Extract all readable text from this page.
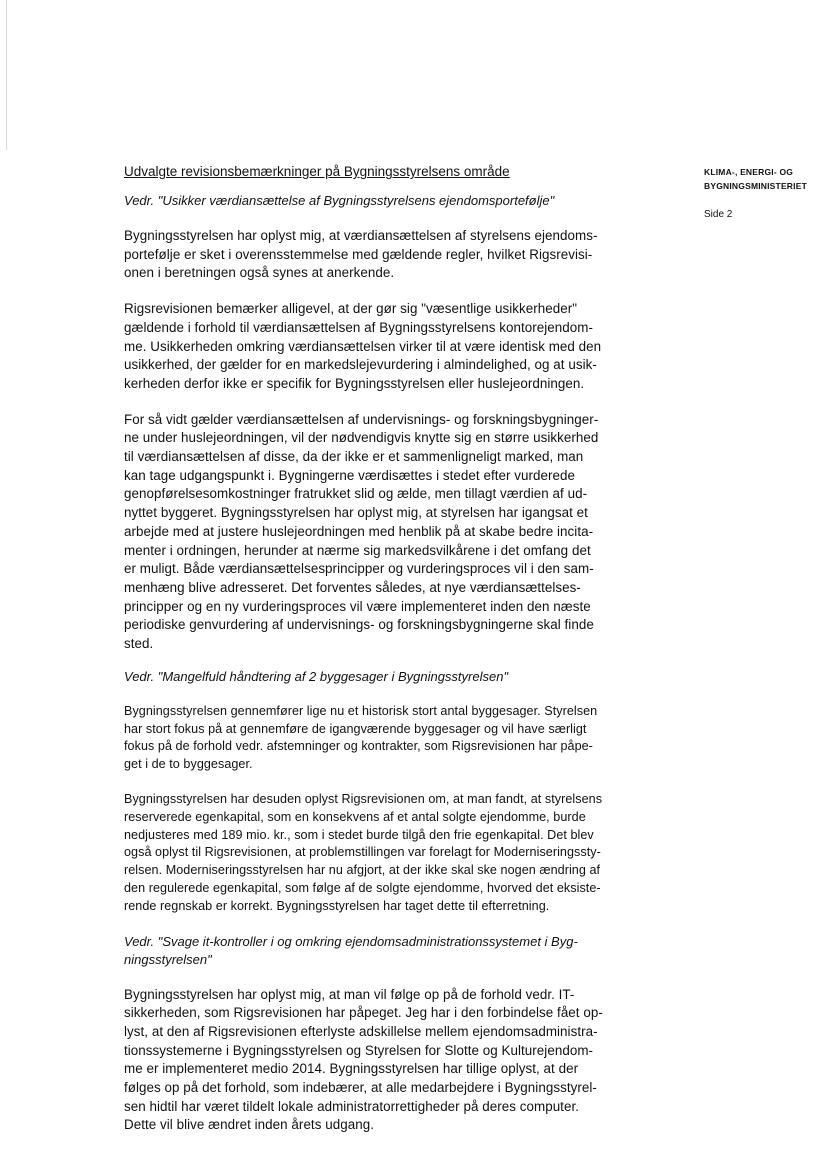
KLIMA-, ENERGI- OG
BYGNINGSMINISTERIET
Side 2
Udvalgte revisionsbemærkninger på Bygningsstyrelsens område

Vedr. "Usikker værdiansættelse af Bygningsstyrelsens ejendomsportefølje"

Bygningsstyrelsen har oplyst mig, at værdiansættelsen af styrelsens ejendoms-
portefølje er sket i overensstemmelse med gældende regler, hvilket Rigsrevisi-
onen i beretningen også synes at anerkende.
Rigsrevisionen bemærker alligevel, at der gør sig "væsentlige usikkerheder"
gældende i forhold til værdiansættelsen af Bygningsstyrelsens kontorejendom-
me. Usikkerheden omkring værdiansættelsen virker til at være identisk med den
usikkerhed, der gælder for en markedslejevurdering i almindelighed, og at usik-
kerheden derfor ikke er specifik for Bygningsstyrelsen eller huslejeordningen.
For så vidt gælder værdiansættelsen af undervisnings- og forskningsbygninger-
ne under huslejeordningen, vil der nødvendigvis knytte sig en større usikkerhed
til værdiansættelsen af disse, da der ikke er et sammenligneligt marked, man
kan tage udgangspunkt i. Bygningerne værdisættes i stedet efter vurderede
genopførelsesomkostninger fratrukket slid og ælde, men tillagt værdien af ud-
nyttet byggeret. Bygningsstyrelsen har oplyst mig, at styrelsen har igangsat et
arbejde med at justere huslejeordningen med henblik på at skabe bedre incita-
menter i ordningen, herunder at nærme sig markedsvilkårene i det omfang det
er muligt. Både værdiansættelsesprincipper og vurderingsproces vil i den sam-
menhæng blive adresseret. Det forventes således, at nye værdiansættelses-
principper og en ny vurderingsproces vil være implementeret inden den næste
periodiske genvurdering af undervisnings- og forskningsbygningerne skal finde
sted.

Vedr. "Mangelfuld håndtering af 2 byggesager i Bygningsstyrelsen"

Bygningsstyrelsen gennemfører lige nu et historisk stort antal byggesager. Styrelsen
har stort fokus på at gennemføre de igangværende byggesager og vil have særligt
fokus på de forhold vedr. afstemninger og kontrakter, som Rigsrevisionen har påpe-
get i de to byggesager.
Bygningsstyrelsen har desuden oplyst Rigsrevisionen om, at man fandt, at styrelsens
reserverede egenkapital, som en konsekvens af et antal solgte ejendomme, burde
nedjusteres med 189 mio. kr., som i stedet burde tilgå den frie egenkapital. Det blev
også oplyst til Rigsrevisionen, at problemstillingen var forelagt for Moderniseringssty-
relsen. Moderniseringsstyrelsen har nu afgjort, at der ikke skal ske nogen ændring af
den regulerede egenkapital, som følge af de solgte ejendomme, hvorved det eksiste-
rende regnskab er korrekt. Bygningsstyrelsen har taget dette til efterretning.

Vedr. "Svage it-kontroller i og omkring ejendomsadministrationssystemet i Byg-

ningsstyrelsen"

Bygningsstyrelsen har oplyst mig, at man vil følge op på de forhold vedr. IT-
sikkerheden, som Rigsrevisionen har påpeget. Jeg har i den forbindelse fået op-
lyst, at den af Rigsrevisionen efterlyste adskillelse mellem ejendomsadministra-
tionssystemerne i Bygningsstyrelsen og Styrelsen for Slotte og Kulturejendom-
me er implementeret medio 2014. Bygningsstyrelsen har tillige oplyst, at der
følges op på det forhold, som indebærer, at alle medarbejdere i Bygningsstyrel-
sen hidtil har været tildelt lokale administratorrettigheder på deres computer.
Dette vil blive ændret inden årets udgang.
